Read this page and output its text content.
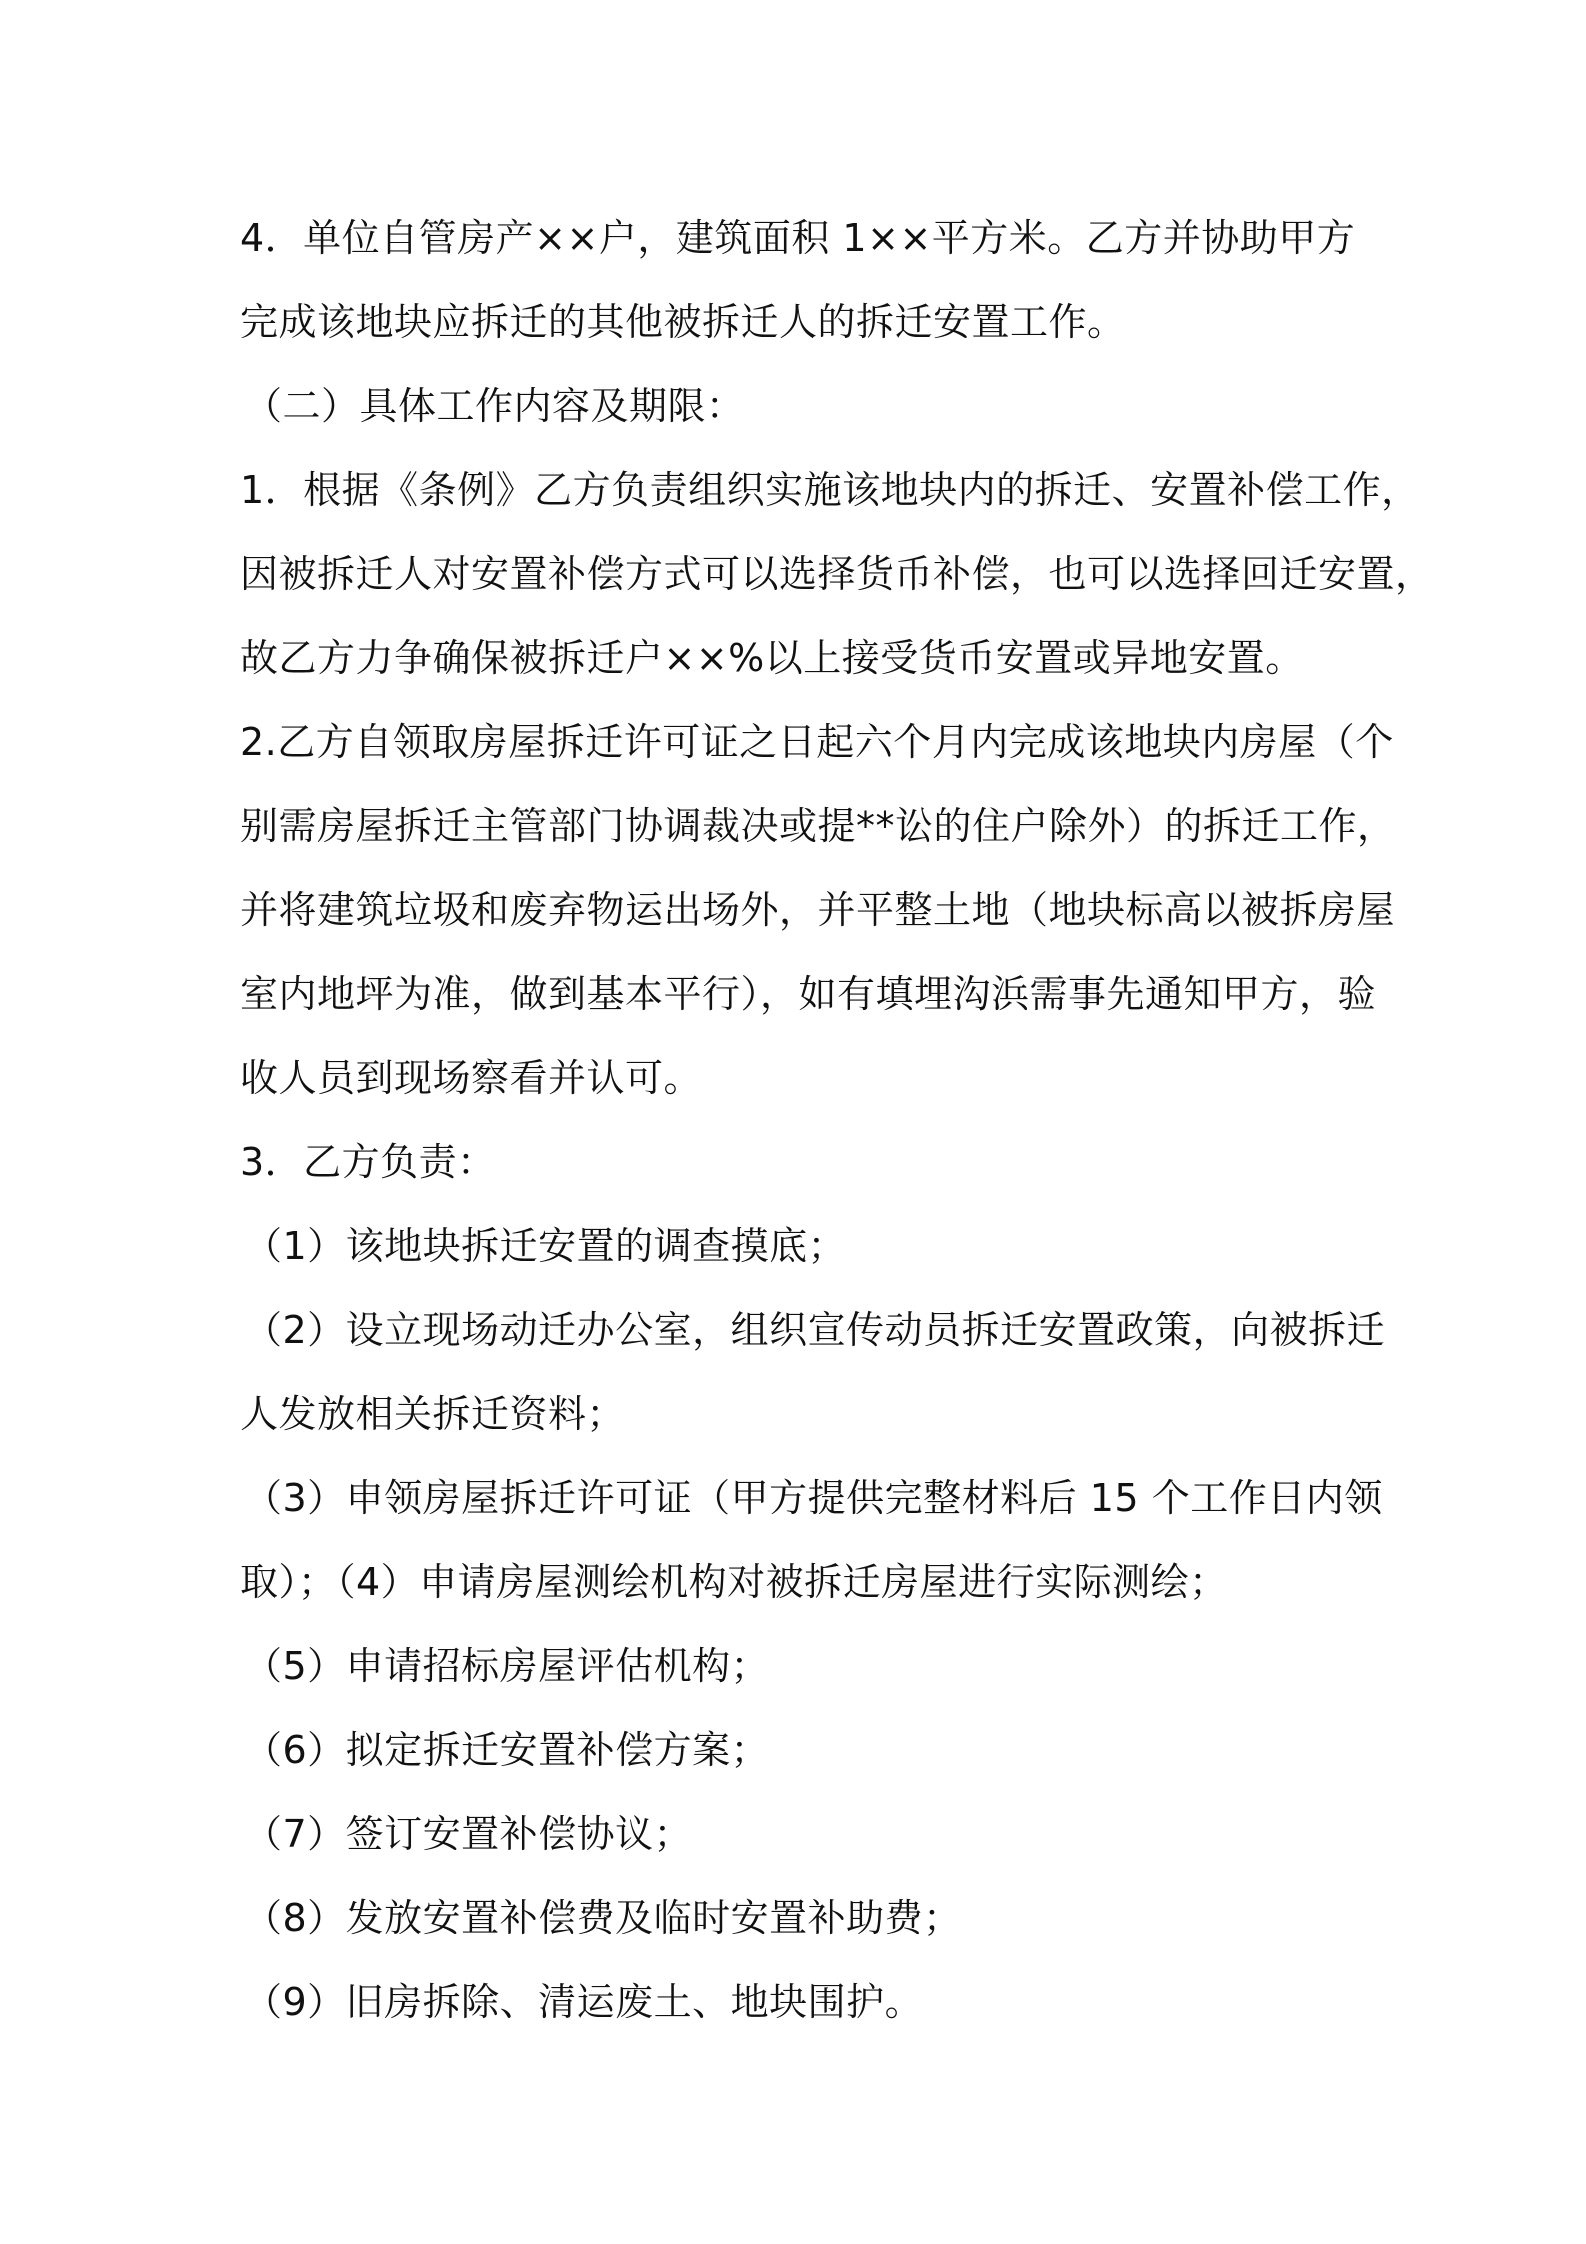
4．单位自管房产××户，建筑面积 1××平方米。乙方并协助甲方
完成该地块应拆迁的其他被拆迁人的拆迁安置工作。
（二）具体工作内容及期限：
1．根据《条例》乙方负责组织实施该地块内的拆迁、安置补偿工作，
因被拆迁人对安置补偿方式可以选择货币补偿，也可以选择回迁安置，
故乙方力争确保被拆迁户××%以上接受货币安置或异地安置。
2.乙方自领取房屋拆迁许可证之日起六个月内完成该地块内房屋（个
别需房屋拆迁主管部门协调裁决或提**讼的住户除外）的拆迁工作，
并将建筑垃圾和废弃物运出场外，并平整土地（地块标高以被拆房屋
室内地坪为准，做到基本平行），如有填埋沟浜需事先通知甲方，验
收人员到现场察看并认可。
3．乙方负责：
（1）该地块拆迁安置的调查摸底；
（2）设立现场动迁办公室，组织宣传动员拆迁安置政策，向被拆迁
人发放相关拆迁资料；
（3）申领房屋拆迁许可证（甲方提供完整材料后 15 个工作日内领
取）；（4）申请房屋测绘机构对被拆迁房屋进行实际测绘；
（5）申请招标房屋评估机构；
（6）拟定拆迁安置补偿方案；
（7）签订安置补偿协议；
（8）发放安置补偿费及临时安置补助费；
（9）旧房拆除、清运废土、地块围护。
